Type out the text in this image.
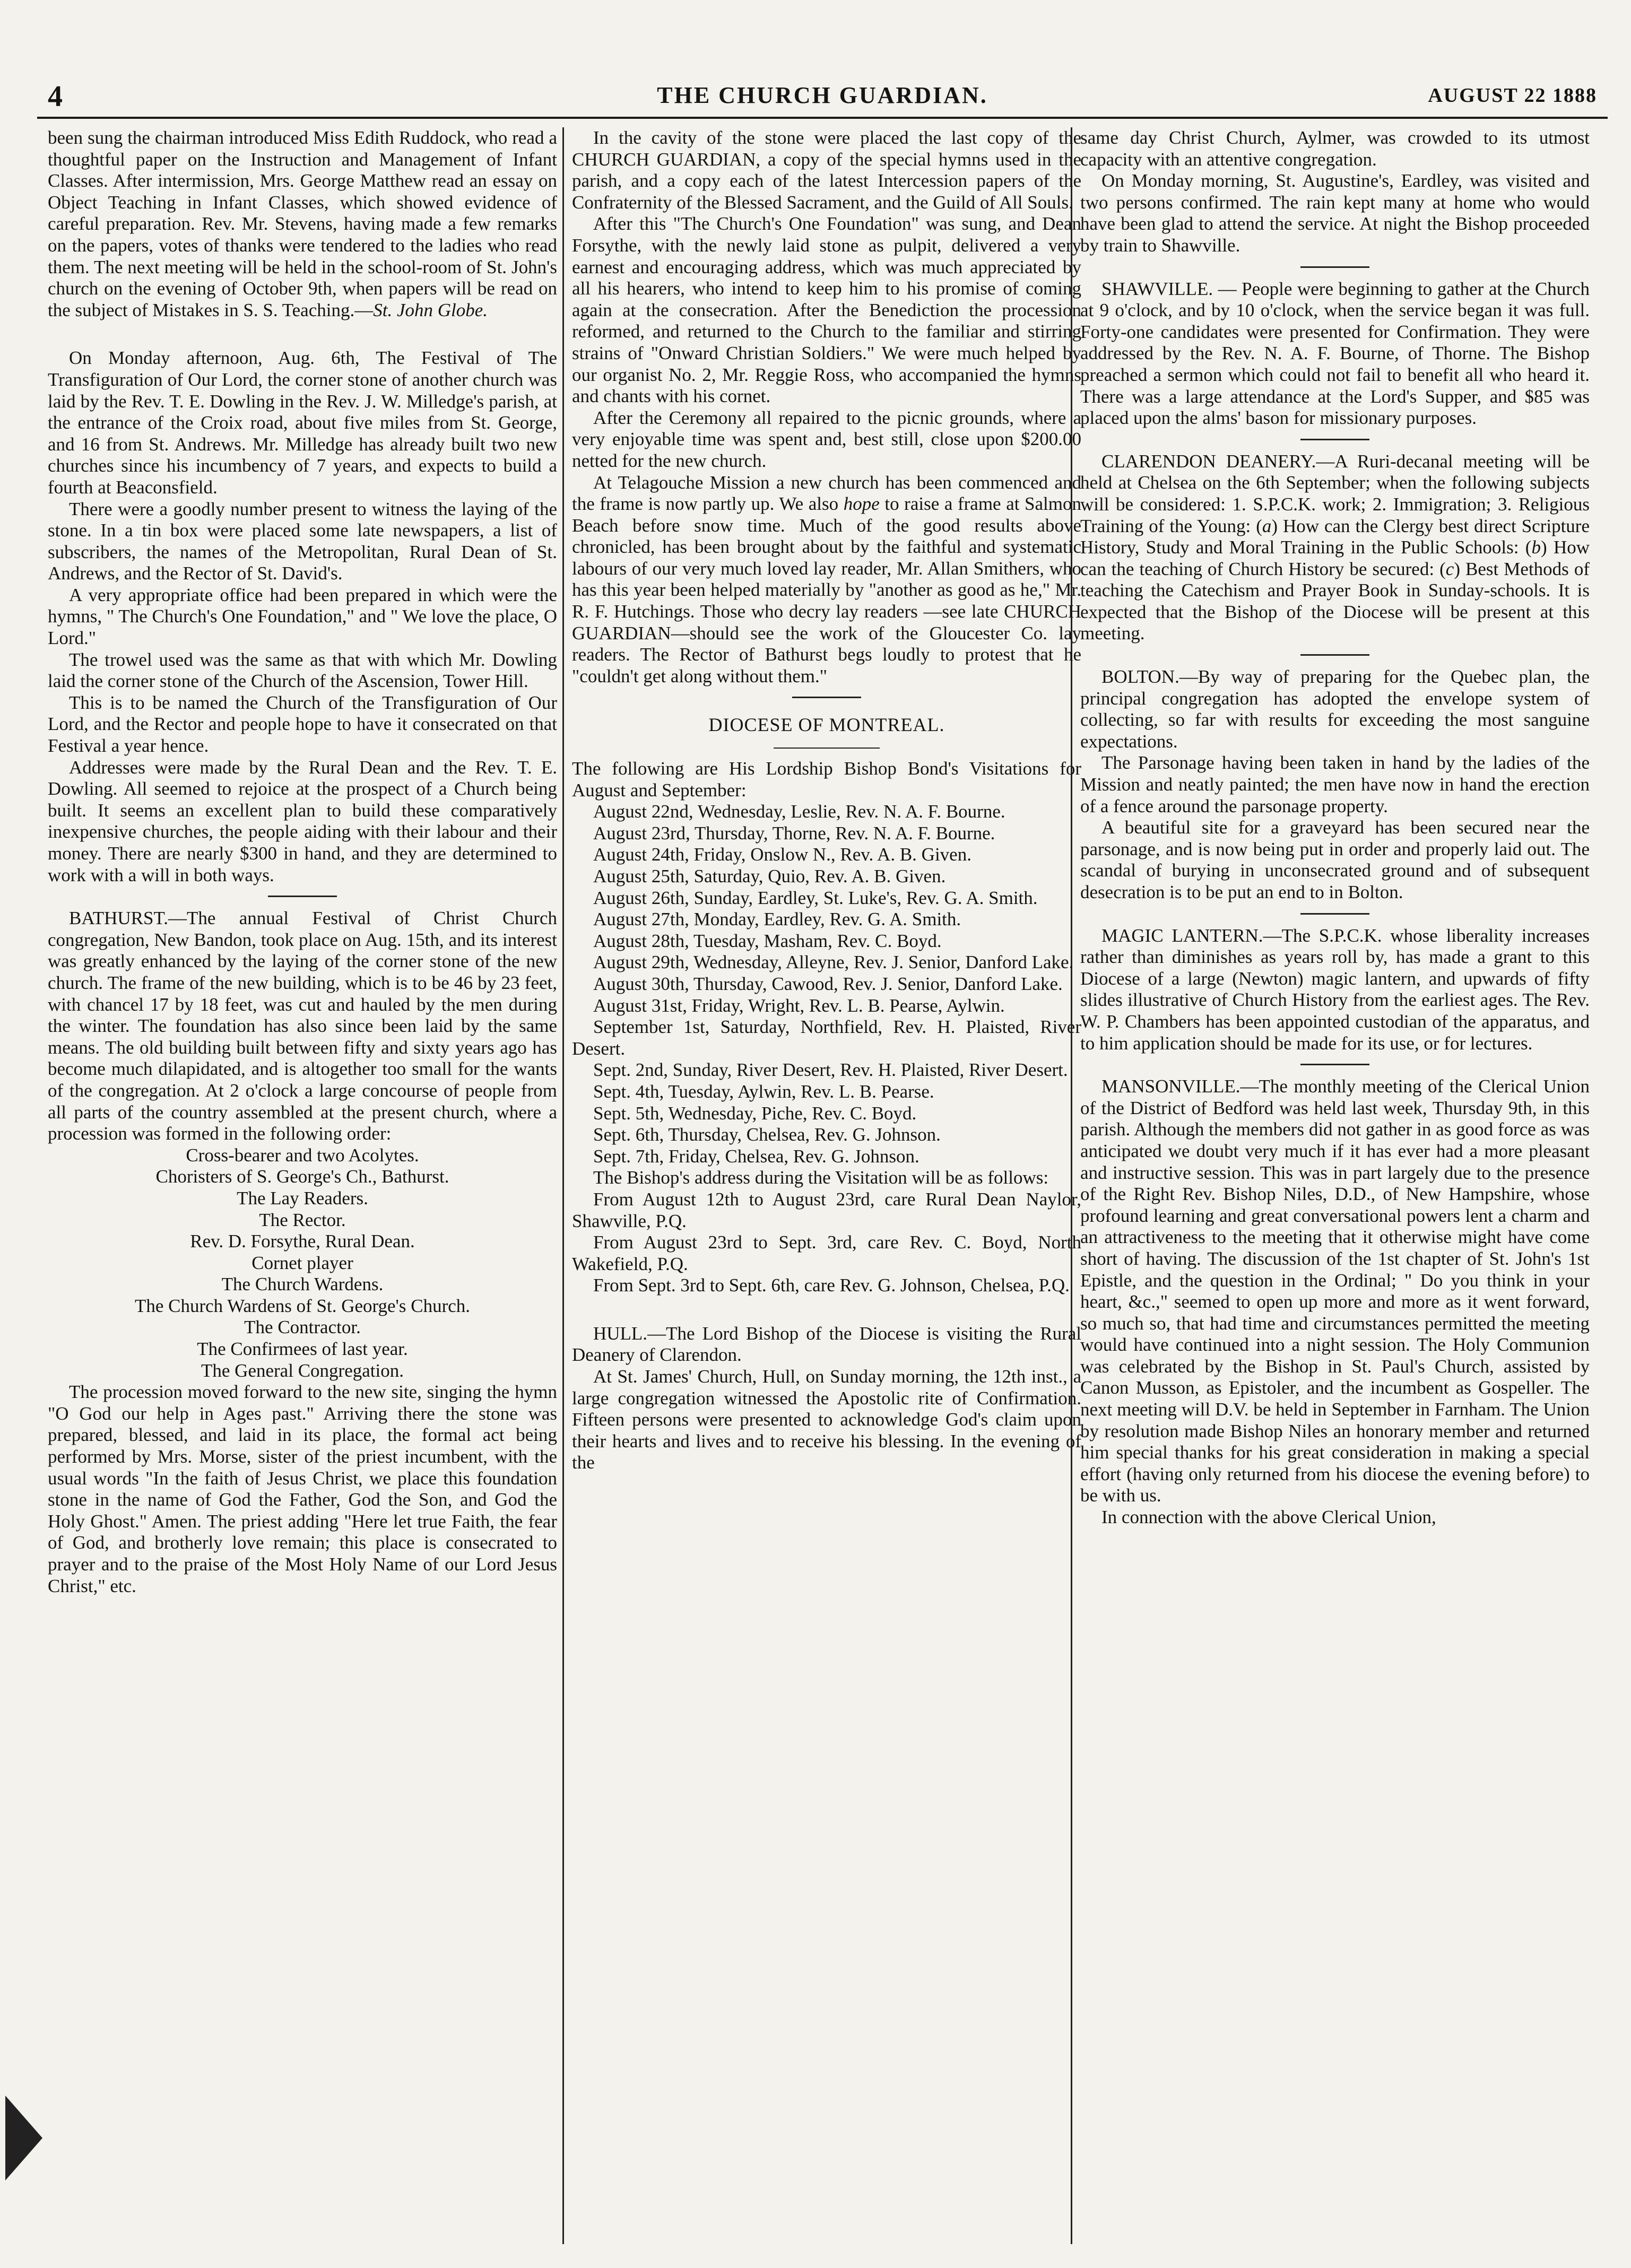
4	THE CHURCH GUARDIAN.	AUGUST 22 1888

been sung the chairman introduced Miss Edith Ruddock, who read a thoughtful paper on the Instruction and Management of Infant Classes. After intermission, Mrs. George Matthew read an essay on Object Teaching in Infant Classes, which showed evidence of careful preparation. Rev. Mr. Stevens, having made a few remarks on the papers, votes of thanks were tendered to the ladies who read them. The next meeting will be held in the school-room of St. John's church on the evening of October 9th, when papers will be read on the subject of Mistakes in S. S. Teaching.—St. John Globe.

On Monday afternoon, Aug. 6th, The Festival of The Transfiguration of Our Lord, the corner stone of another church was laid by the Rev. T. E. Dowling in the Rev. J. W. Milledge's parish, at the entrance of the Croix road, about five miles from St. George, and 16 from St. Andrews. Mr. Milledge has already built two new churches since his incumbency of 7 years, and expects to build a fourth at Beaconsfield.

There were a goodly number present to witness the laying of the stone. In a tin box were placed some late newspapers, a list of subscribers, the names of the Metropolitan, Rural Dean of St. Andrews, and the Rector of St. David's.

A very appropriate office had been prepared in which were the hymns, " The Church's One Foundation," and " We love the place, O Lord."

The trowel used was the same as that with which Mr. Dowling laid the corner stone of the Church of the Ascension, Tower Hill.

This is to be named the Church of the Transfiguration of Our Lord, and the Rector and people hope to have it consecrated on that Festival a year hence.

Addresses were made by the Rural Dean and the Rev. T. E. Dowling. All seemed to rejoice at the prospect of a Church being built. It seems an excellent plan to build these comparatively inexpensive churches, the people aiding with their labour and their money. There are nearly $300 in hand, and they are determined to work with a will in both ways.

BATHURST.—The annual Festival of Christ Church congregation, New Bandon, took place on Aug. 15th, and its interest was greatly enhanced by the laying of the corner stone of the new church. The frame of the new building, which is to be 46 by 23 feet, with chancel 17 by 18 feet, was cut and hauled by the men during the winter. The foundation has also since been laid by the same means. The old building built between fifty and sixty years ago has become much dilapidated, and is altogether too small for the wants of the congregation. At 2 o'clock a large concourse of people from all parts of the country assembled at the present church, where a procession was formed in the following order:

Cross-bearer and two Acolytes.
Choristers of S. George's Ch., Bathurst.
The Lay Readers.
The Rector.
Rev. D. Forsythe, Rural Dean.
Cornet player
The Church Wardens.
The Church Wardens of St. George's Church.
The Contractor.
The Confirmees of last year.
The General Congregation.

The procession moved forward to the new site, singing the hymn "O God our help in Ages past." Arriving there the stone was prepared, blessed, and laid in its place, the formal act being performed by Mrs. Morse, sister of the priest incumbent, with the usual words "In the faith of Jesus Christ, we place this foundation stone in the name of God the Father, God the Son, and God the Holy Ghost." Amen. The priest adding "Here let true Faith, the fear of God, and brotherly love remain; this place is consecrated to prayer and to the praise of the Most Holy Name of our Lord Jesus Christ," etc.

In the cavity of the stone were placed the last copy of the CHURCH GUARDIAN, a copy of the special hymns used in the parish, and a copy each of the latest Intercession papers of the Confraternity of the Blessed Sacrament, and the Guild of All Souls.

After this "The Church's One Foundation" was sung, and Dean Forsythe, with the newly laid stone as pulpit, delivered a very earnest and encouraging address, which was much appreciated by all his hearers, who intend to keep him to his promise of coming again at the consecration. After the Benediction the procession reformed, and returned to the Church to the familiar and stirring strains of "Onward Christian Soldiers." We were much helped by our organist No. 2, Mr. Reggie Ross, who accompanied the hymns and chants with his cornet.

After the Ceremony all repaired to the picnic grounds, where a very enjoyable time was spent and, best still, close upon $200.00 netted for the new church.

At Telagouche Mission a new church has been commenced and the frame is now partly up. We also hope to raise a frame at Salmon Beach before snow time. Much of the good results above chronicled, has been brought about by the faithful and systematic labours of our very much loved lay reader, Mr. Allan Smithers, who has this year been helped materially by "another as good as he," Mr. R. F. Hutchings. Those who decry lay readers —see late CHURCH GUARDIAN—should see the work of the Gloucester Co. lay readers. The Rector of Bathurst begs loudly to protest that he "couldn't get along without them."

DIOCESE OF MONTREAL.

The following are His Lordship Bishop Bond's Visitations for August and September:

August 22nd, Wednesday, Leslie, Rev. N. A. F. Bourne.

August 23rd, Thursday, Thorne, Rev. N. A. F. Bourne.

August 24th, Friday, Onslow N., Rev. A. B. Given.

August 25th, Saturday, Quio, Rev. A. B. Given.

August 26th, Sunday, Eardley, St. Luke's, Rev. G. A. Smith.

August 27th, Monday, Eardley, Rev. G. A. Smith.

August 28th, Tuesday, Masham, Rev. C. Boyd.

August 29th, Wednesday, Alleyne, Rev. J. Senior, Danford Lake.

August 30th, Thursday, Cawood, Rev. J. Senior, Danford Lake.

August 31st, Friday, Wright, Rev. L. B. Pearse, Aylwin.

September 1st, Saturday, Northfield, Rev. H. Plaisted, River Desert.

Sept. 2nd, Sunday, River Desert, Rev. H. Plaisted, River Desert.

Sept. 4th, Tuesday, Aylwin, Rev. L. B. Pearse.

Sept. 5th, Wednesday, Piche, Rev. C. Boyd.

Sept. 6th, Thursday, Chelsea, Rev. G. Johnson.

Sept. 7th, Friday, Chelsea, Rev. G. Johnson.

The Bishop's address during the Visitation will be as follows:

From August 12th to August 23rd, care Rural Dean Naylor, Shawville, P.Q.

From August 23rd to Sept. 3rd, care Rev. C. Boyd, North Wakefield, P.Q.

From Sept. 3rd to Sept. 6th, care Rev. G. Johnson, Chelsea, P.Q.

HULL.—The Lord Bishop of the Diocese is visiting the Rural Deanery of Clarendon.

At St. James' Church, Hull, on Sunday morning, the 12th inst., a large congregation witnessed the Apostolic rite of Confirmation. Fifteen persons were presented to acknowledge God's claim upon their hearts and lives and to receive his blessing. In the evening of the

same day Christ Church, Aylmer, was crowded to its utmost capacity with an attentive congregation.

On Monday morning, St. Augustine's, Eardley, was visited and two persons confirmed. The rain kept many at home who would have been glad to attend the service. At night the Bishop proceeded by train to Shawville.

SHAWVILLE. — People were beginning to gather at the Church at 9 o'clock, and by 10 o'clock, when the service began it was full. Forty-one candidates were presented for Confirmation. They were addressed by the Rev. N. A. F. Bourne, of Thorne. The Bishop preached a sermon which could not fail to benefit all who heard it. There was a large attendance at the Lord's Supper, and $85 was placed upon the alms' bason for missionary purposes.

CLARENDON DEANERY.—A Ruri-decanal meeting will be held at Chelsea on the 6th September; when the following subjects will be considered: 1. S.P.C.K. work; 2. Immigration; 3. Religious Training of the Young: (a) How can the Clergy best direct Scripture History, Study and Moral Training in the Public Schools: (b) How can the teaching of Church History be secured: (c) Best Methods of teaching the Catechism and Prayer Book in Sunday-schools. It is expected that the Bishop of the Diocese will be present at this meeting.

BOLTON.—By way of preparing for the Quebec plan, the principal congregation has adopted the envelope system of collecting, so far with results for exceeding the most sanguine expectations.

The Parsonage having been taken in hand by the ladies of the Mission and neatly painted; the men have now in hand the erection of a fence around the parsonage property.

A beautiful site for a graveyard has been secured near the parsonage, and is now being put in order and properly laid out. The scandal of burying in unconsecrated ground and of subsequent desecration is to be put an end to in Bolton.

MAGIC LANTERN.—The S.P.C.K. whose liberality increases rather than diminishes as years roll by, has made a grant to this Diocese of a large (Newton) magic lantern, and upwards of fifty slides illustrative of Church History from the earliest ages. The Rev. W. P. Chambers has been appointed custodian of the apparatus, and to him application should be made for its use, or for lectures.

MANSONVILLE.—The monthly meeting of the Clerical Union of the District of Bedford was held last week, Thursday 9th, in this parish. Although the members did not gather in as good force as was anticipated we doubt very much if it has ever had a more pleasant and instructive session. This was in part largely due to the presence of the Right Rev. Bishop Niles, D.D., of New Hampshire, whose profound learning and great conversational powers lent a charm and an attractiveness to the meeting that it otherwise might have come short of having. The discussion of the 1st chapter of St. John's 1st Epistle, and the question in the Ordinal; " Do you think in your heart, &c.," seemed to open up more and more as it went forward, so much so, that had time and circumstances permitted the meeting would have continued into a night session. The Holy Communion was celebrated by the Bishop in St. Paul's Church, assisted by Canon Musson, as Epistoler, and the incumbent as Gospeller. The next meeting will D.V. be held in September in Farnham. The Union by resolution made Bishop Niles an honorary member and returned him special thanks for his great consideration in making a special effort (having only returned from his diocese the evening before) to be with us.

In connection with the above Clerical Union,
